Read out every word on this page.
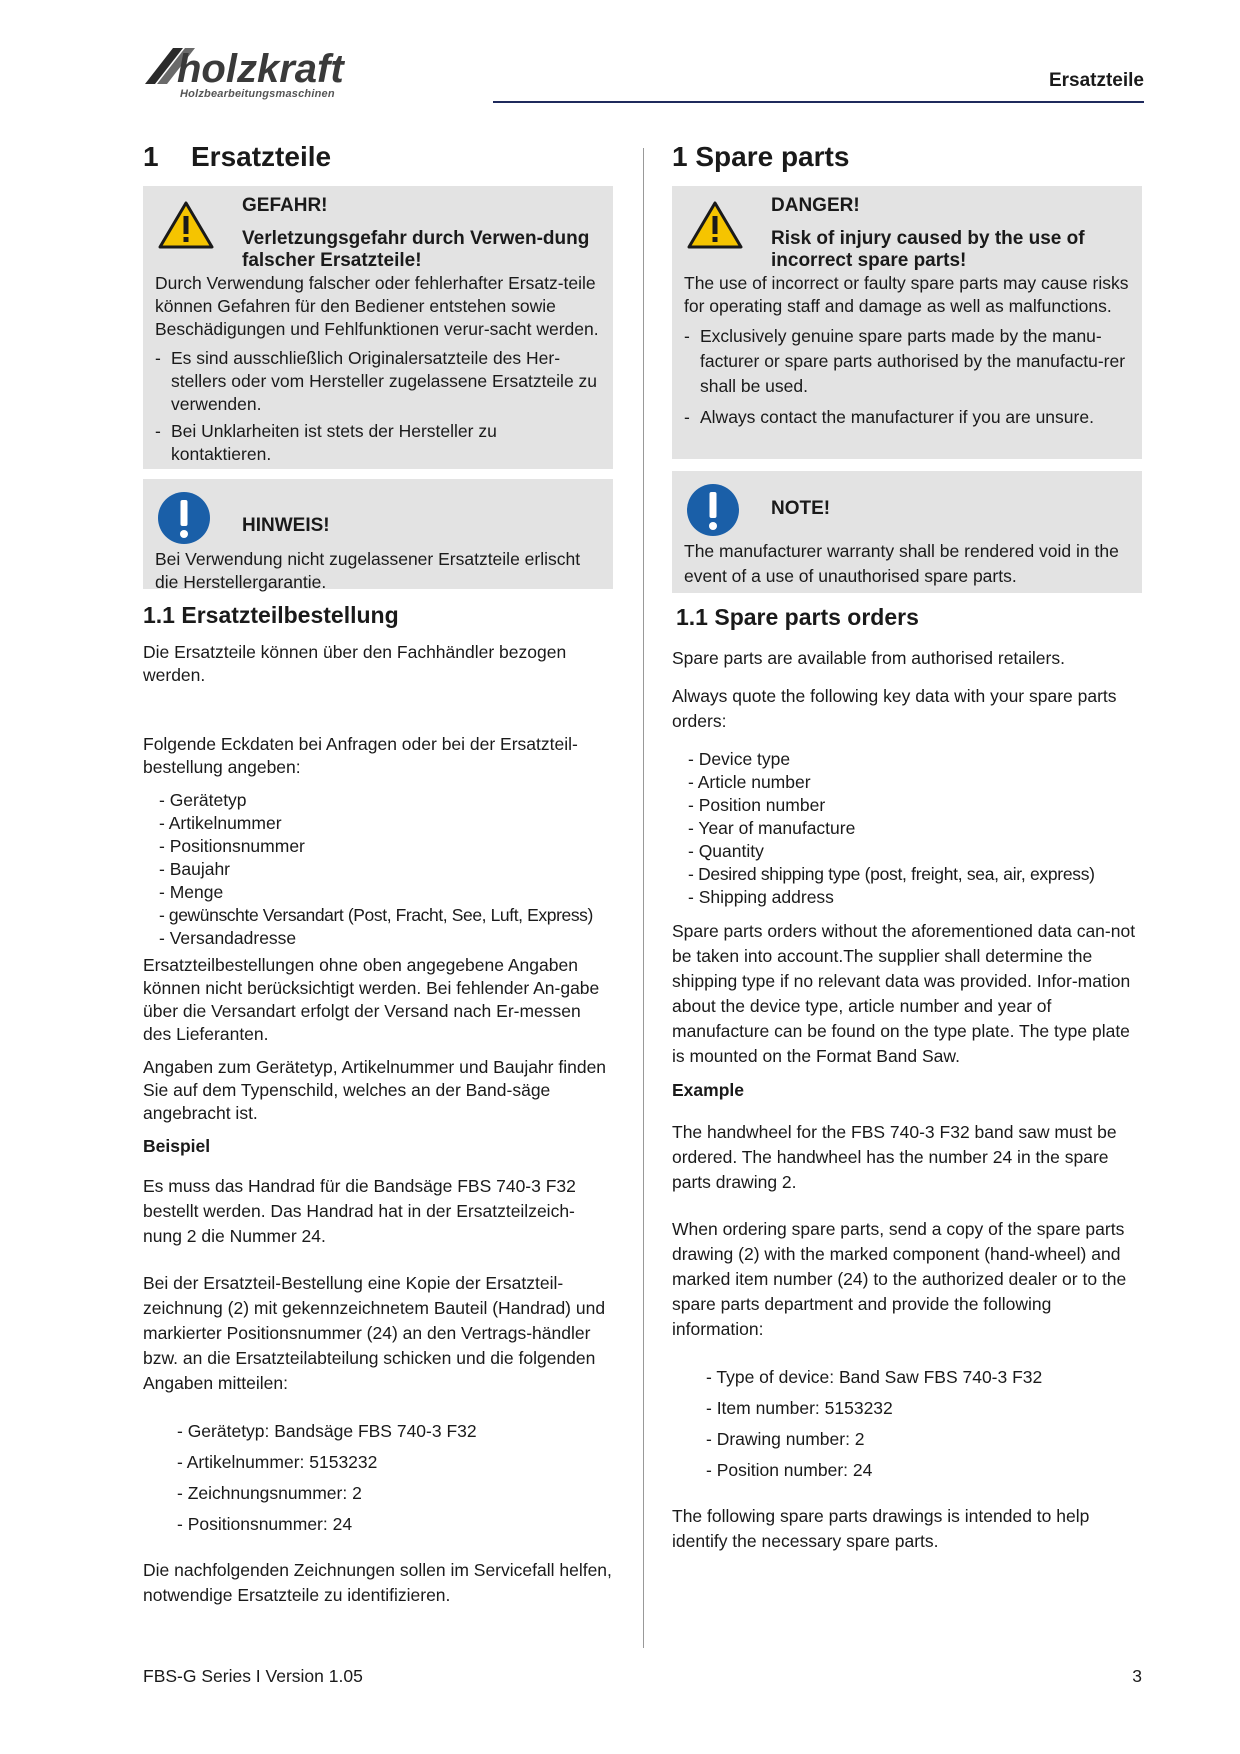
holzkraft
Holzbearbeitungsmaschinen
Ersatzteile
1 Ersatzteile
GEFAHR!
Verletzungsgefahr durch Verwen-dung falscher Ersatzteile!

Durch Verwendung falscher oder fehlerhafter Ersatz-teile können Gefahren für den Bediener entstehen sowie Beschädigungen und Fehlfunktionen verur-sacht werden.

- Es sind ausschließlich Originalersatzteile des Her-stellers oder vom Hersteller zugelassene Ersatzteile zu verwenden.
- Bei Unklarheiten ist stets der Hersteller zu kontaktieren.
HINWEIS!

Bei Verwendung nicht zugelassener Ersatzteile erlischt die Herstellergarantie.

1.1 Ersatzteilbestellung

Die Ersatzteile können über den Fachhändler bezogen werden.

Folgende Eckdaten bei Anfragen oder bei der Ersatzteil-bestellung angeben:

- Gerätetyp
- Artikelnummer
- Positionsnummer
- Baujahr
- Menge
- gewünschte Versandart (Post, Fracht, See, Luft, Express)
- Versandadresse

Ersatzteilbestellungen ohne oben angegebene Angaben können nicht berücksichtigt werden. Bei fehlender An-gabe über die Versandart erfolgt der Versand nach Er-messen des Lieferanten.

Angaben zum Gerätetyp, Artikelnummer und Baujahr finden Sie auf dem Typenschild, welches an der Band-säge angebracht ist.

Beispiel

Es muss das Handrad für die Bandsäge FBS 740-3 F32 bestellt werden. Das Handrad hat in der Ersatzteilzeich-nung 2 die Nummer 24.

Bei der Ersatzteil-Bestellung eine Kopie der Ersatzteil-zeichnung (2) mit gekennzeichnetem Bauteil (Handrad) und markierter Positionsnummer (24) an den Vertrags-händler bzw. an die Ersatzteilabteilung schicken und die folgenden Angaben mitteilen:

- Gerätetyp: Bandsäge FBS 740-3 F32
- Artikelnummer: 5153232
- Zeichnungsnummer: 2
- Positionsnummer: 24

Die nachfolgenden Zeichnungen sollen im Servicefall helfen, notwendige Ersatzteile zu identifizieren.

1 Spare parts
DANGER!
Risk of injury caused by the use of incorrect spare parts!

The use of incorrect or faulty spare parts may cause risks for operating staff and damage as well as malfunctions.

- Exclusively genuine spare parts made by the manu-facturer or spare parts authorised by the manufactu-rer shall be used.
- Always contact the manufacturer if you are unsure.
NOTE!

The manufacturer warranty shall be rendered void in the event of a use of unauthorised spare parts.

1.1 Spare parts orders

Spare parts are available from authorised retailers.

Always quote the following key data with your spare parts orders:

- Device type
- Article number
- Position number
- Year of manufacture
- Quantity
- Desired shipping type (post, freight, sea, air, express)
- Shipping address

Spare parts orders without the aforementioned data can-not be taken into account.The supplier shall determine the shipping type if no relevant data was provided. Infor-mation about the device type, article number and year of manufacture can be found on the type plate. The type plate is mounted on the Format Band Saw.

Example

The handwheel for the FBS 740-3 F32 band saw must be ordered. The handwheel has the number 24 in the spare parts drawing 2.

When ordering spare parts, send a copy of the spare parts drawing (2) with the marked component (hand-wheel) and marked item number (24) to the authorized dealer or to the spare parts department and provide the following information:

- Type of device: Band Saw FBS 740-3 F32
- Item number: 5153232
- Drawing number: 2
- Position number: 24

The following spare parts drawings is intended to help identify the necessary spare parts.

FBS-G Series I Version 1.05	3
